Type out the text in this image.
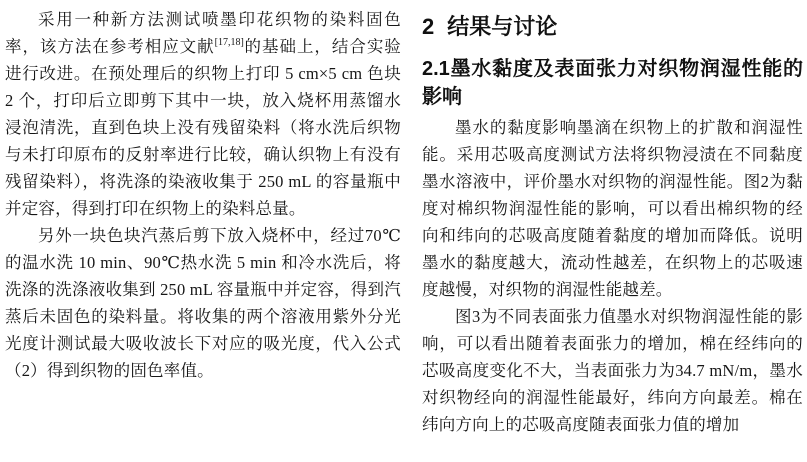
采用一种新方法测试喷墨印花织物的染料固色率，该方法在参考相应文献[17,18]的基础上，结合实验进行改进。在预处理后的织物上打印 5 cm×5 cm 色块 2 个，打印后立即剪下其中一块，放入烧杯用蒸馏水浸泡清洗，直到色块上没有残留染料（将水洗后织物与未打印原布的反射率进行比较，确认织物上有没有残留染料），将洗涤的染液收集于 250 mL 的容量瓶中并定容，得到打印在织物上的染料总量。

另外一块色块汽蒸后剪下放入烧杯中，经过70℃的温水洗 10 min、90℃热水洗 5 min 和冷水洗后，将洗涤的洗涤液收集到 250 mL 容量瓶中并定容，得到汽蒸后未固色的染料量。将收集的两个溶液用紫外分光光度计测试最大吸收波长下对应的吸光度，代入公式（2）得到织物的固色率值。

2 结果与讨论
2.1墨水黏度及表面张力对织物润湿性能的影响

墨水的黏度影响墨滴在织物上的扩散和润湿性能。采用芯吸高度测试方法将织物浸渍在不同黏度墨水溶液中，评价墨水对织物的润湿性能。图2为黏度对棉织物润湿性能的影响，可以看出棉织物的经向和纬向的芯吸高度随着黏度的增加而降低。说明墨水的黏度越大，流动性越差，在织物上的芯吸速度越慢，对织物的润湿性能越差。

图3为不同表面张力值墨水对织物润湿性能的影响，可以看出随着表面张力的增加，棉在经纬向的芯吸高度变化不大，当表面张力为34.7 mN/m，墨水对织物经向的润湿性能最好，纬向方向最差。棉在纬向方向上的芯吸高度随表面张力值的增加
